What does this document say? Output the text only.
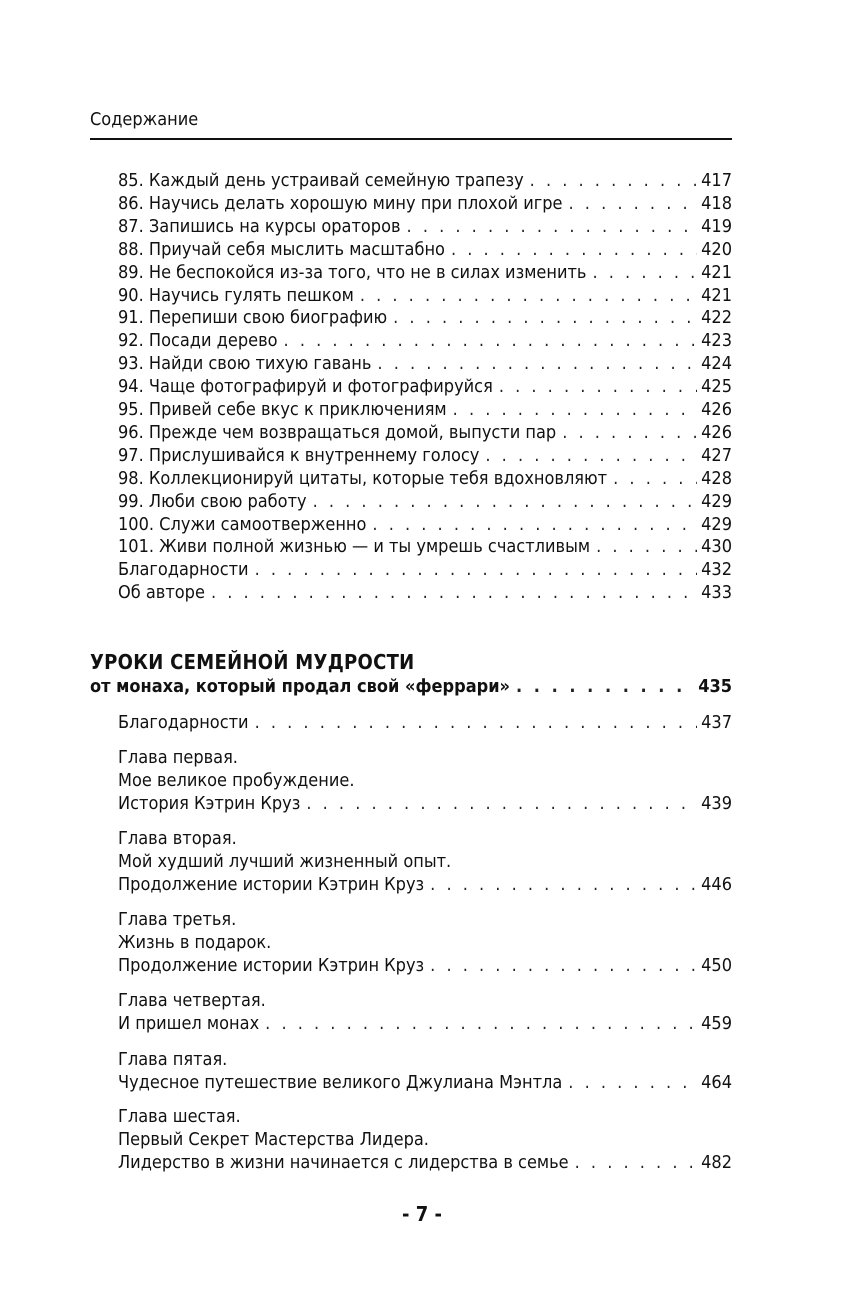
Содержание
85. Каждый день устраивай семейную трапезу . . .	417
86. Научись делать хорошую мину при плохой игре . . .	418
87. Запишись на курсы ораторов . . .	419
88. Приучай себя мыслить масштабно . . .	420
89. Не беспокойся из-за того, что не в силах изменить . . .	421
90. Научись гулять пешком . . .	421
91. Перепиши свою биографию . . .	422
92. Посади дерево . . .	423
93. Найди свою тихую гавань . . .	424
94. Чаще фотографируй и фотографируйся . . .	425
95. Привей себе вкус к приключениям . . .	426
96. Прежде чем возвращаться домой, выпусти пар . . .	426
97. Прислушивайся к внутреннему голосу . . .	427
98. Коллекционируй цитаты, которые тебя вдохновляют . . .	428
99. Люби свою работу . . .	429
100. Служи самоотверженно . . .	429
101. Живи полной жизнью — и ты умрешь счастливым . . .	430
Благодарности . . .	432
Об авторе . . .	433
УРОКИ СЕМЕЙНОЙ МУДРОСТИ
от монаха, который продал свой «феррари» . . .	435
Благодарности . . .	437
Глава первая.
Мое великое пробуждение.
История Кэтрин Круз . . .	439
Глава вторая.
Мой худший лучший жизненный опыт.
Продолжение истории Кэтрин Круз . . .	446
Глава третья.
Жизнь в подарок.
Продолжение истории Кэтрин Круз . . .	450
Глава четвертая.
И пришел монах . . .	459
Глава пятая.
Чудесное путешествие великого Джулиана Мэнтла . . .	464
Глава шестая.
Первый Секрет Мастерства Лидера.
Лидерство в жизни начинается с лидерства в семье . . .	482
- 7 -
